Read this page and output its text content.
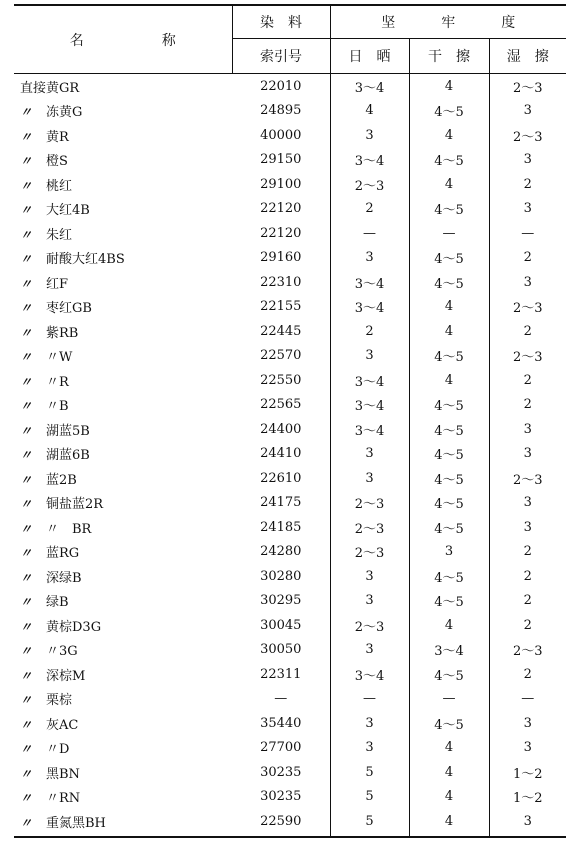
名 称	染　料	坚 牢 度		
	索引号	日　晒	干　擦	湿　擦
直接黄GR	22010	3～4	4	2～3
〃 冻黄G	24895	4	4～5	3
〃 黄R	40000	3	4	2～3
〃 橙S	29150	3～4	4～5	3
〃 桃红	29100	2～3	4	2
〃 大红4B	22120	2	4～5	3
〃 朱红	22120	—	—	—
〃 耐酸大红4BS	29160	3	4～5	2
〃 红F	22310	3～4	4～5	3
〃 枣红GB	22155	3～4	4	2～3
〃 紫RB	22445	2	4	2
〃 〃W	22570	3	4～5	2～3
〃 〃R	22550	3～4	4	2
〃 〃B	22565	3～4	4～5	2
〃 湖蓝5B	24400	3～4	4～5	3
〃 湖蓝6B	24410	3	4～5	3
〃 蓝2B	22610	3	4～5	2～3
〃 铜盐蓝2R	24175	2～3	4～5	3
〃 〃　BR	24185	2～3	4～5	3
〃 蓝RG	24280	2～3	3	2
〃 深绿B	30280	3	4～5	2
〃 绿B	30295	3	4～5	2
〃 黄棕D3G	30045	2～3	4	2
〃 〃3G	30050	3	3～4	2～3
〃 深棕M	22311	3～4	4～5	2
〃 栗棕	—	—	—	—
〃 灰AC	35440	3	4～5	3
〃 〃D	27700	3	4	3
〃 黑BN	30235	5	4	1～2
〃 〃RN	30235	5	4	1～2
〃 重氮黑BH	22590	5	4	3
